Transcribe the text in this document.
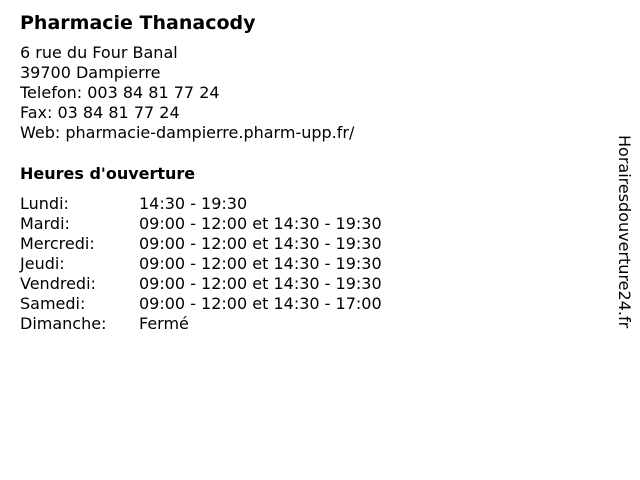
Pharmacie Thanacody
6 rue du Four Banal
39700 Dampierre
Telefon: 003 84 81 77 24
Fax: 03 84 81 77 24
Web: pharmacie-dampierre.pharm-upp.fr/
Heures d'ouverture
Lundi:	14:30 - 19:30
Mardi:	09:00 - 12:00 et 14:30 - 19:30
Mercredi:	09:00 - 12:00 et 14:30 - 19:30
Jeudi:	09:00 - 12:00 et 14:30 - 19:30
Vendredi:	09:00 - 12:00 et 14:30 - 19:30
Samedi:	09:00 - 12:00 et 14:30 - 17:00
Dimanche:	Fermé	Horairesdouverture24.fr
